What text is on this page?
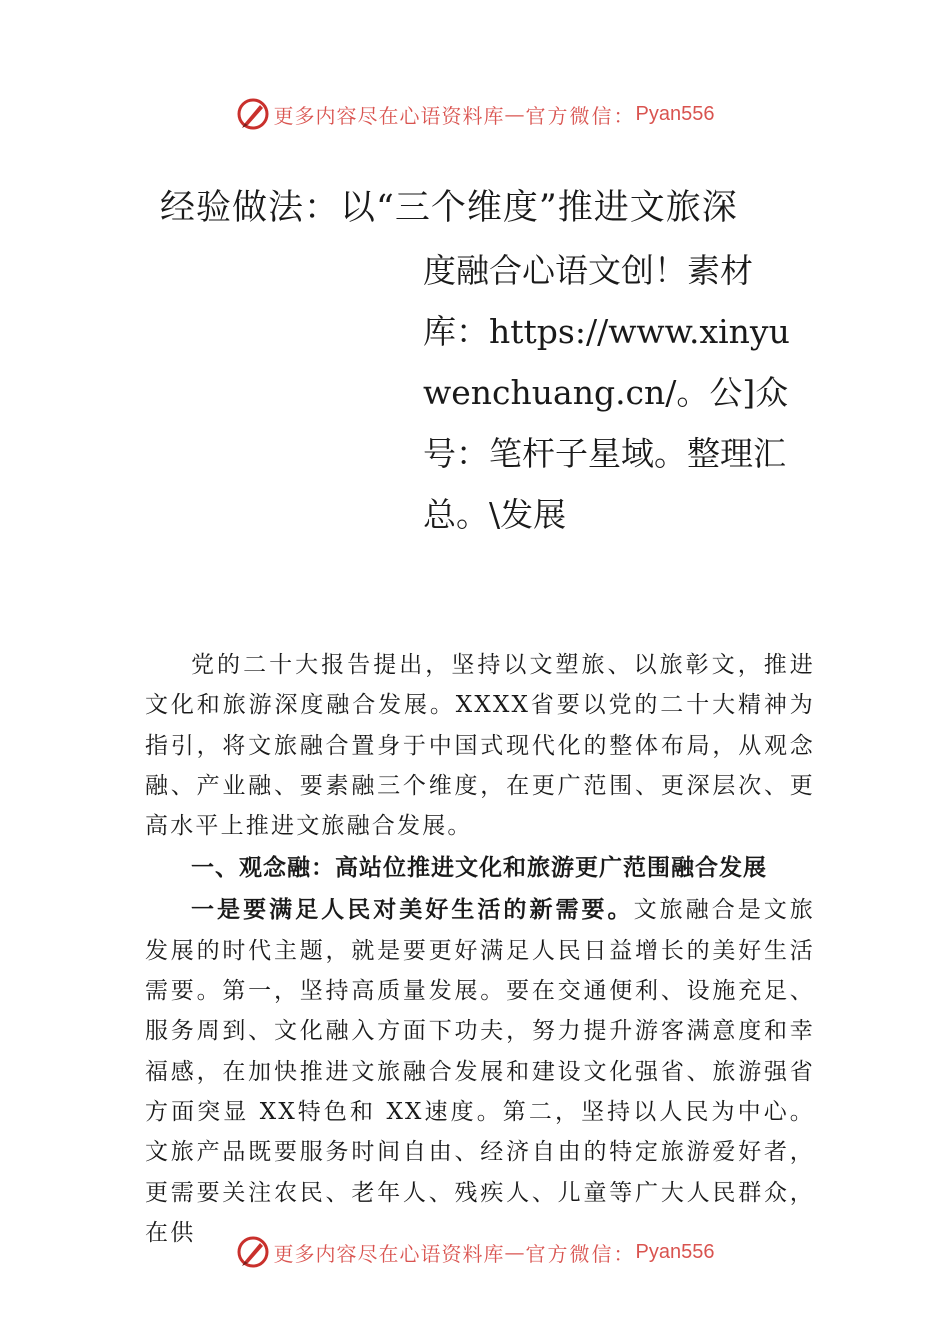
更多内容尽在心语资料库 — 官方微信： Pyan556
经验做法：以“三个维度”推进文旅深
度融合心语文创！素材库：https://www.xinyuwenchuang.cn/。公]众号：笔杆子星域。整理汇总。\发展

党的二十大报告提出，坚持以文塑旅、以旅彰文，推进文化和旅游深度融合发展。XXXX省要以党的二十大精神为指引，将文旅融合置身于中国式现代化的整体布局，从观念融、产业融、要素融三个维度，在更广范围、更深层次、更高水平上推进文旅融合发展。

一、观念融：高站位推进文化和旅游更广范围融合发展

一是要满足人民对美好生活的新需要。文旅融合是文旅发展的时代主题，就是要更好满足人民日益增长的美好生活需要。第一，坚持高质量发展。要在交通便利、设施充足、 服务周到、文化融入方面下功夫，努力提升游客满意度和幸福感，在加快推进文旅融合发展和建设文化强省、旅游强省方面突显 XX特色和 XX速度。第二，坚持以人民为中心。文旅产品既要服务时间自由、经济自由的特定旅游爱好者， 更需要关注农民、老年人、残疾人、儿童等广大人民群众， 在供

更多内容尽在心语资料库 — 官方微信： Pyan556
